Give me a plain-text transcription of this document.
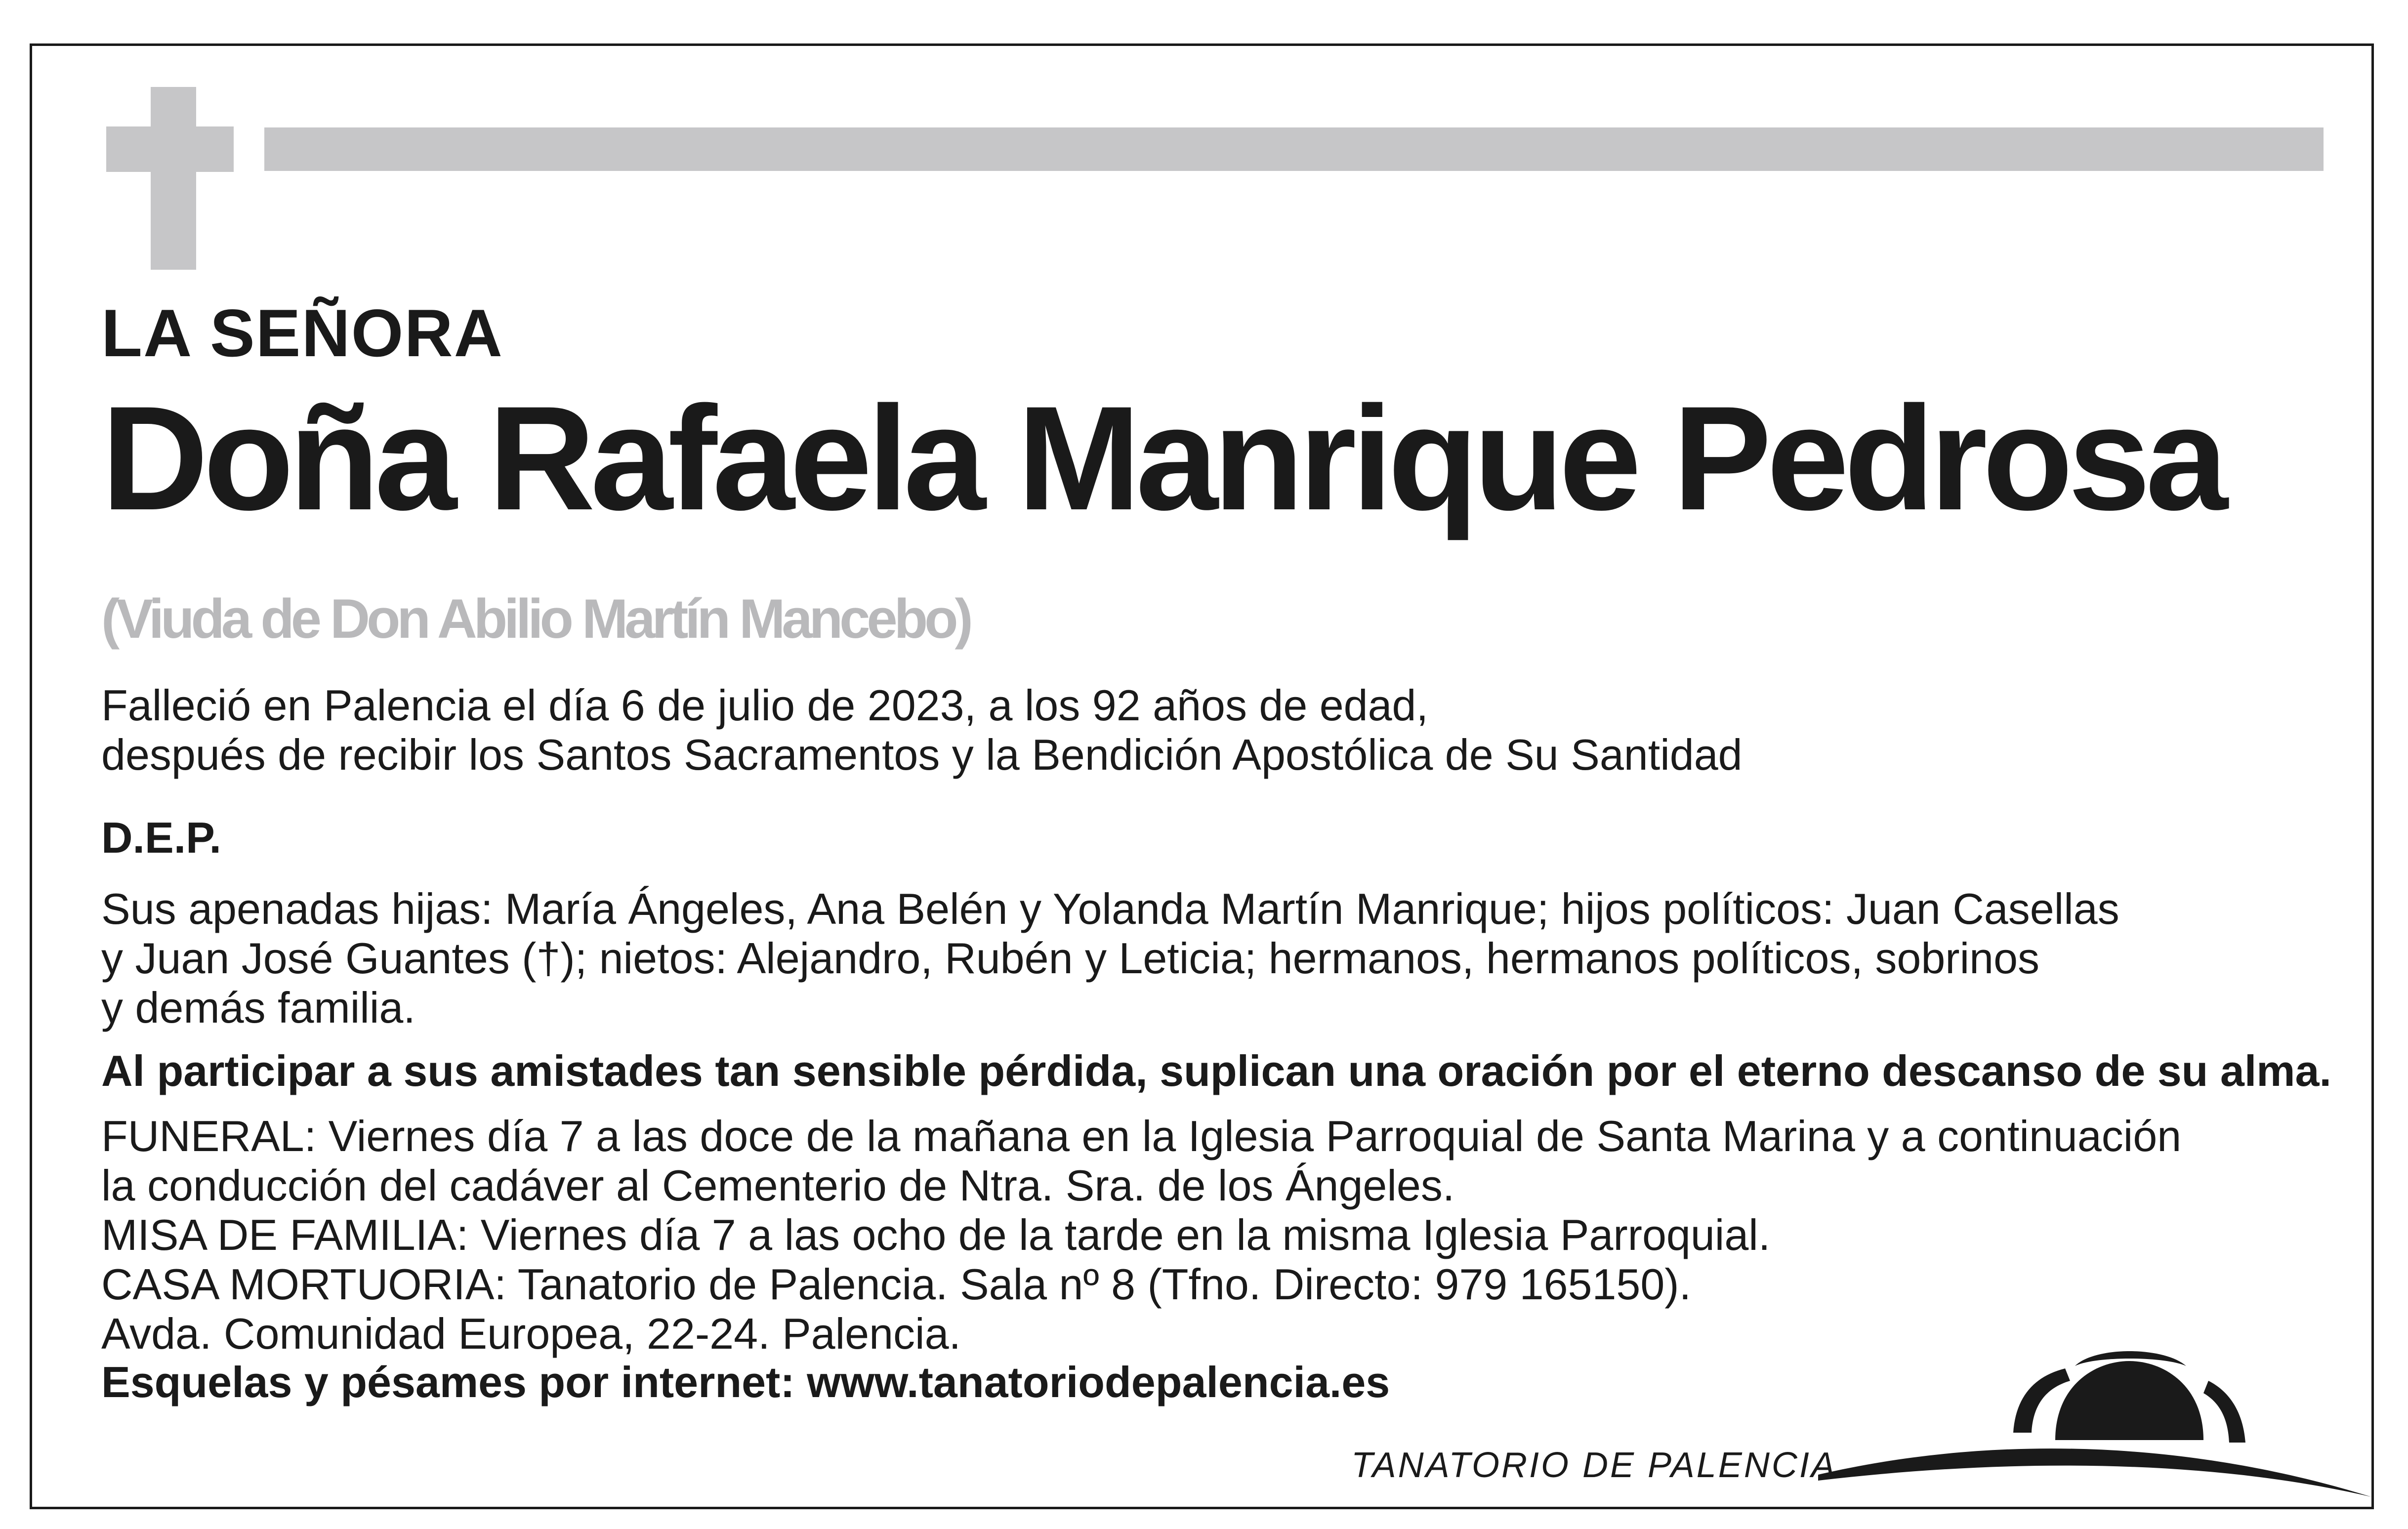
LA SEÑORA

Doña Rafaela Manrique Pedrosa

(Viuda de Don Abilio Martín Mancebo)

Falleció en Palencia el día 6 de julio de 2023, a los 92 años de edad,
después de recibir los Santos Sacramentos y la Bendición Apostólica de Su Santidad
D.E.P.
Sus apenadas hijas: María Ángeles, Ana Belén y Yolanda Martín Manrique; hijos políticos: Juan Casellas
y Juan José Guantes (†); nietos: Alejandro, Rubén y Leticia; hermanos, hermanos políticos, sobrinos
y demás familia.
Al participar a sus amistades tan sensible pérdida, suplican una oración por el eterno descanso de su alma.
FUNERAL: Viernes día 7 a las doce de la mañana en la Iglesia Parroquial de Santa Marina y a continuación
la conducción del cadáver al Cementerio de Ntra. Sra. de los Ángeles.
MISA DE FAMILIA: Viernes día 7 a las ocho de la tarde en la misma Iglesia Parroquial.
CASA MORTUORIA: Tanatorio de Palencia. Sala nº 8 (Tfno. Directo: 979 165150).
Avda. Comunidad Europea, 22-24. Palencia.
Esquelas y pésames por internet: www.tanatoriodepalencia.es
TANATORIO DE PALENCIA
